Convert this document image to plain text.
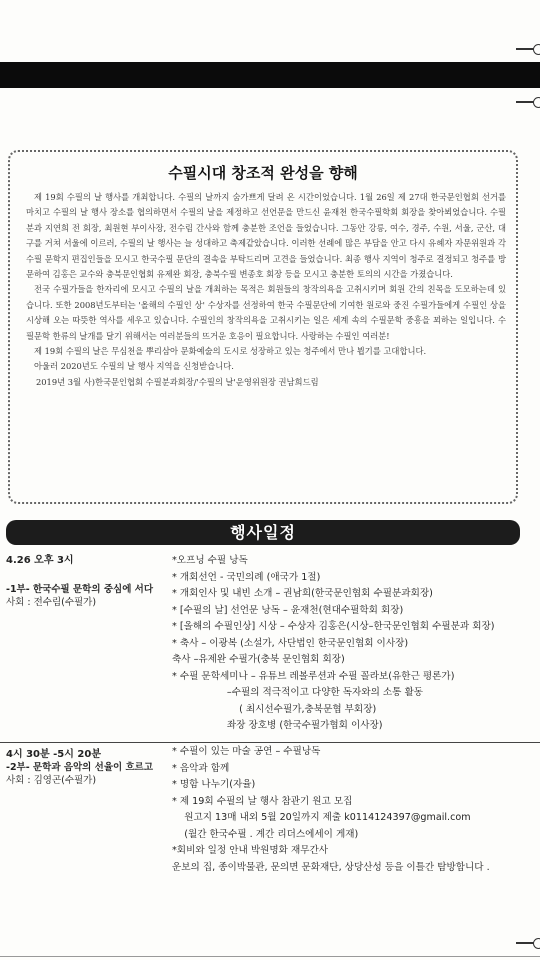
수필시대 창조적 완성을 향해

제 19회 수필의 날 행사를 개최합니다. 수필의 날까지 숨가쁘게 달려 온 시간이었습니다. 1월 26일 제 27대 한국문인협회 선거를 마치고 수필의 날 행사 장소를 협의하면서 수필의 날을 제정하고 선언문을 만드신 윤재천 한국수필학회 회장을 찾아뵈었습니다. 수필분과 지연희 전 회장, 최원현 부이사장, 전수림 간사와 함께 충분한 조언을 들었습니다. 그동안 강릉, 여수, 경주, 수원, 서울, 군산, 대구를 거쳐 서울에 이르러, 수필의 날 행사는 늘 성대하고 축제같았습니다. 이러한 선례에 많은 부담을 안고 다시 유혜자 자문위원과 각 수필 문학지 편집인들을 모시고 한국수필 문단의 결속을 부탁드리며 고견을 들었습니다. 최종 행사 지역이 청주로 결정되고 청주를 방문하여 김홍은 교수와 충북문인협회 유제완 회장, 충북수필 변종호 회장 등을 모시고 충분한 토의의 시간을 가졌습니다.

전국 수필가들을 한자리에 모시고 수필의 날을 개최하는 목적은 회원들의 창작의욕을 고취시키며 회원 간의 친목을 도모하는데 있습니다. 또한 2008년도부터는 '올해의 수필인 상' 수상자를 선정하여 한국 수필문단에 기여한 원로와 중진 수필가들에게 수필인 상을 시상해 오는 따뜻한 역사를 세우고 있습니다. 수필인의 창작의욕을 고취시키는 일은 세계 속의 수필문학 중흥을 꾀하는 일입니다. 수필문학 한류의 날개를 달기 위해서는 여러분들의 뜨거운 호응이 필요합니다. 사랑하는 수필인 여러분!

제 19회 수필의 날은 무심천을 뿌리삼아 문화예술의 도시로 성장하고 있는 청주에서 만나 뵙기를 고대합니다.

아울러 2020년도 수필의 날 행사 지역을 신청받습니다.

2019년 3월 사)한국문인협회 수필분과회장/'수필의 날'운영위원장 권남희드림

행사일정
4.26 오후 3시
-1부- 한국수필 문학의 중심에 서다
사회 : 전수림(수필가)
*오프닝 수필 낭독
* 개회선언 - 국민의례 (애국가 1절)
* 개회인사 및 내빈 소개 – 권남희(한국문인협회 수필분과회장)
* [수필의 날] 선언문 낭독 – 윤재천(현대수필학회 회장)
* [올해의 수필인상] 시상 – 수상자 김홍은(시상–한국문인협회 수필분과 회장)
* 축사 – 이광복 (소설가, 사단법인 한국문인협회 이사장)
축사 –유제완 수필가(충북 문인협회 회장)
* 수필 문학세미나 – 유튜브 레볼루션과 수필 꼴라보(유한근 평론가)
–수필의 적극적이고 다양한 독자와의 소통 활동
( 최시선수필가,충북문협 부회장)
좌장 장호병 (한국수필가협회 이사장)
4시 30분 -5시 20분
-2부- 문학과 음악의 선율이 흐르고
사회 : 김영곤(수필가)
* 수필이 있는 마술 공연 – 수필낭독
* 음악과 함께
* 명함 나누기(자율)
* 제 19회 수필의 날 행사 참관기 원고 모집
원고지 13매 내외 5월 20일까지 제출 k0114124397@gmail.com
(월간 한국수필 . 계간 리더스에세이 게재)
*회비와 일정 안내 박원명화 재무간사
운보의 집, 종이박물관, 문의면 문화재단, 상당산성 등을 이틀간 탐방합니다 .
